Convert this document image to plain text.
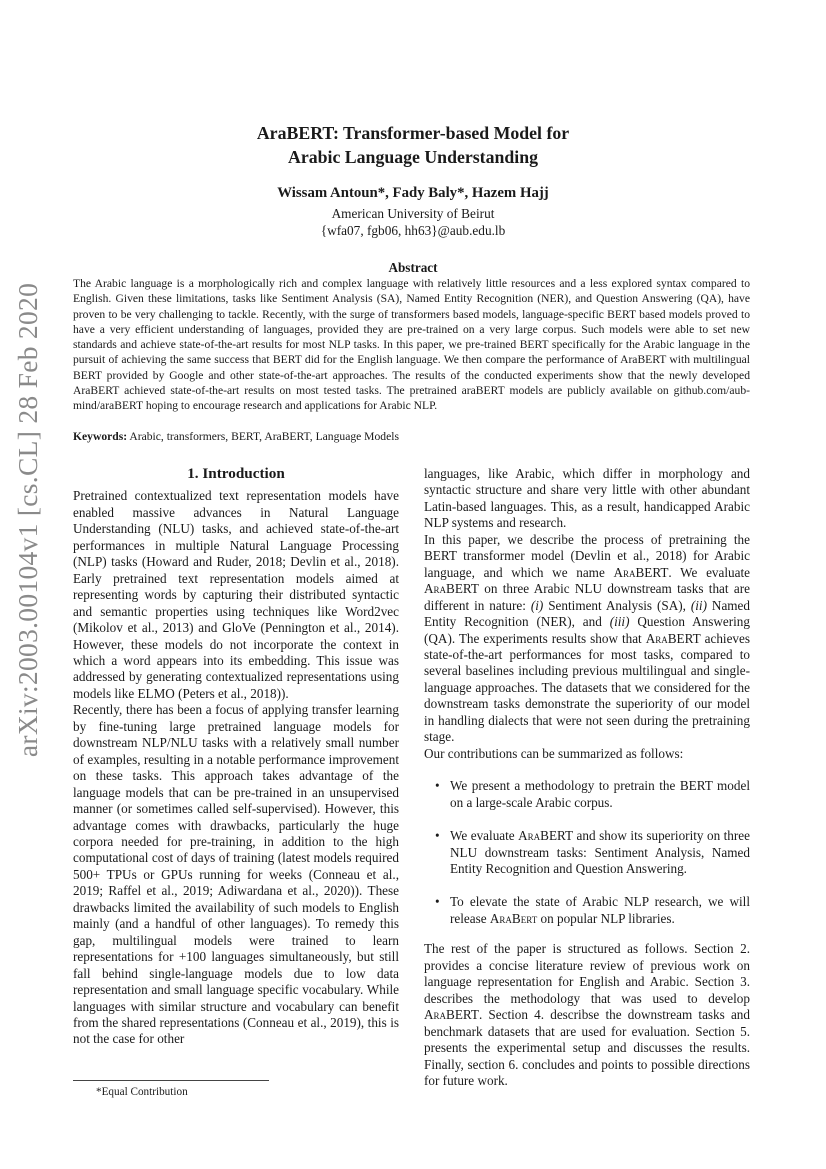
arXiv:2003.00104v1 [cs.CL] 28 Feb 2020
AraBERT: Transformer-based Model for
Arabic Language Understanding
Wissam Antoun*, Fady Baly*, Hazem Hajj
American University of Beirut
{wfa07, fgb06, hh63}@aub.edu.lb
Abstract

The Arabic language is a morphologically rich and complex language with relatively little resources and a less explored syntax compared to English. Given these limitations, tasks like Sentiment Analysis (SA), Named Entity Recognition (NER), and Question Answering (QA), have proven to be very challenging to tackle. Recently, with the surge of transformers based models, language-specific BERT based models proved to have a very efficient understanding of languages, provided they are pre-trained on a very large corpus. Such models were able to set new standards and achieve state-of-the-art results for most NLP tasks. In this paper, we pre-trained BERT specifically for the Arabic language in the pursuit of achieving the same success that BERT did for the English language. We then compare the performance of AraBERT with multilingual BERT provided by Google and other state-of-the-art approaches. The results of the conducted experiments show that the newly developed AraBERT achieved state-of-the-art results on most tested tasks. The pretrained araBERT models are publicly available on github.com/aub-mind/araBERT hoping to encourage research and applications for Arabic NLP.

Keywords: Arabic, transformers, BERT, AraBERT, Language Models

1. Introduction

Pretrained contextualized text representation models have enabled massive advances in Natural Language Understanding (NLU) tasks, and achieved state-of-the-art performances in multiple Natural Language Processing (NLP) tasks (Howard and Ruder, 2018; Devlin et al., 2018). Early pretrained text representation models aimed at representing words by capturing their distributed syntactic and semantic properties using techniques like Word2vec (Mikolov et al., 2013) and GloVe (Pennington et al., 2014). However, these models do not incorporate the context in which a word appears into its embedding. This issue was addressed by generating contextualized representations using models like ELMO (Peters et al., 2018)).

Recently, there has been a focus of applying transfer learning by fine-tuning large pretrained language models for downstream NLP/NLU tasks with a relatively small number of examples, resulting in a notable performance improvement on these tasks. This approach takes advantage of the language models that can be pre-trained in an unsupervised manner (or sometimes called self-supervised). However, this advantage comes with drawbacks, particularly the huge corpora needed for pre-training, in addition to the high computational cost of days of training (latest models required 500+ TPUs or GPUs running for weeks (Conneau et al., 2019; Raffel et al., 2019; Adiwardana et al., 2020)). These drawbacks limited the availability of such models to English mainly (and a handful of other languages). To remedy this gap, multilingual models were trained to learn representations for +100 languages simultaneously, but still fall behind single-language models due to low data representation and small language specific vocabulary. While languages with similar structure and vocabulary can benefit from the shared representations (Conneau et al., 2019), this is not the case for other

languages, like Arabic, which differ in morphology and syntactic structure and share very little with other abundant Latin-based languages. This, as a result, handicapped Arabic NLP systems and research.

In this paper, we describe the process of pretraining the BERT transformer model (Devlin et al., 2018) for Arabic language, and which we name AraBERT. We evaluate AraBERT on three Arabic NLU downstream tasks that are different in nature: (i) Sentiment Analysis (SA), (ii) Named Entity Recognition (NER), and (iii) Question Answering (QA). The experiments results show that AraBERT achieves state-of-the-art performances for most tasks, compared to several baselines including previous multilingual and single-language approaches. The datasets that we considered for the downstream tasks demonstrate the superiority of our model in handling dialects that were not seen during the pretraining stage.

Our contributions can be summarized as follows:

• We present a methodology to pretrain the BERT model on a large-scale Arabic corpus.
• We evaluate AraBERT and show its superiority on three NLU downstream tasks: Sentiment Analysis, Named Entity Recognition and Question Answering.
• To elevate the state of Arabic NLP research, we will release AraBert on popular NLP libraries.

The rest of the paper is structured as follows. Section 2. provides a concise literature review of previous work on language representation for English and Arabic. Section 3. describes the methodology that was used to develop AraBERT. Section 4. describse the downstream tasks and benchmark datasets that are used for evaluation. Section 5. presents the experimental setup and discusses the results. Finally, section 6. concludes and points to possible directions for future work.

*Equal Contribution
